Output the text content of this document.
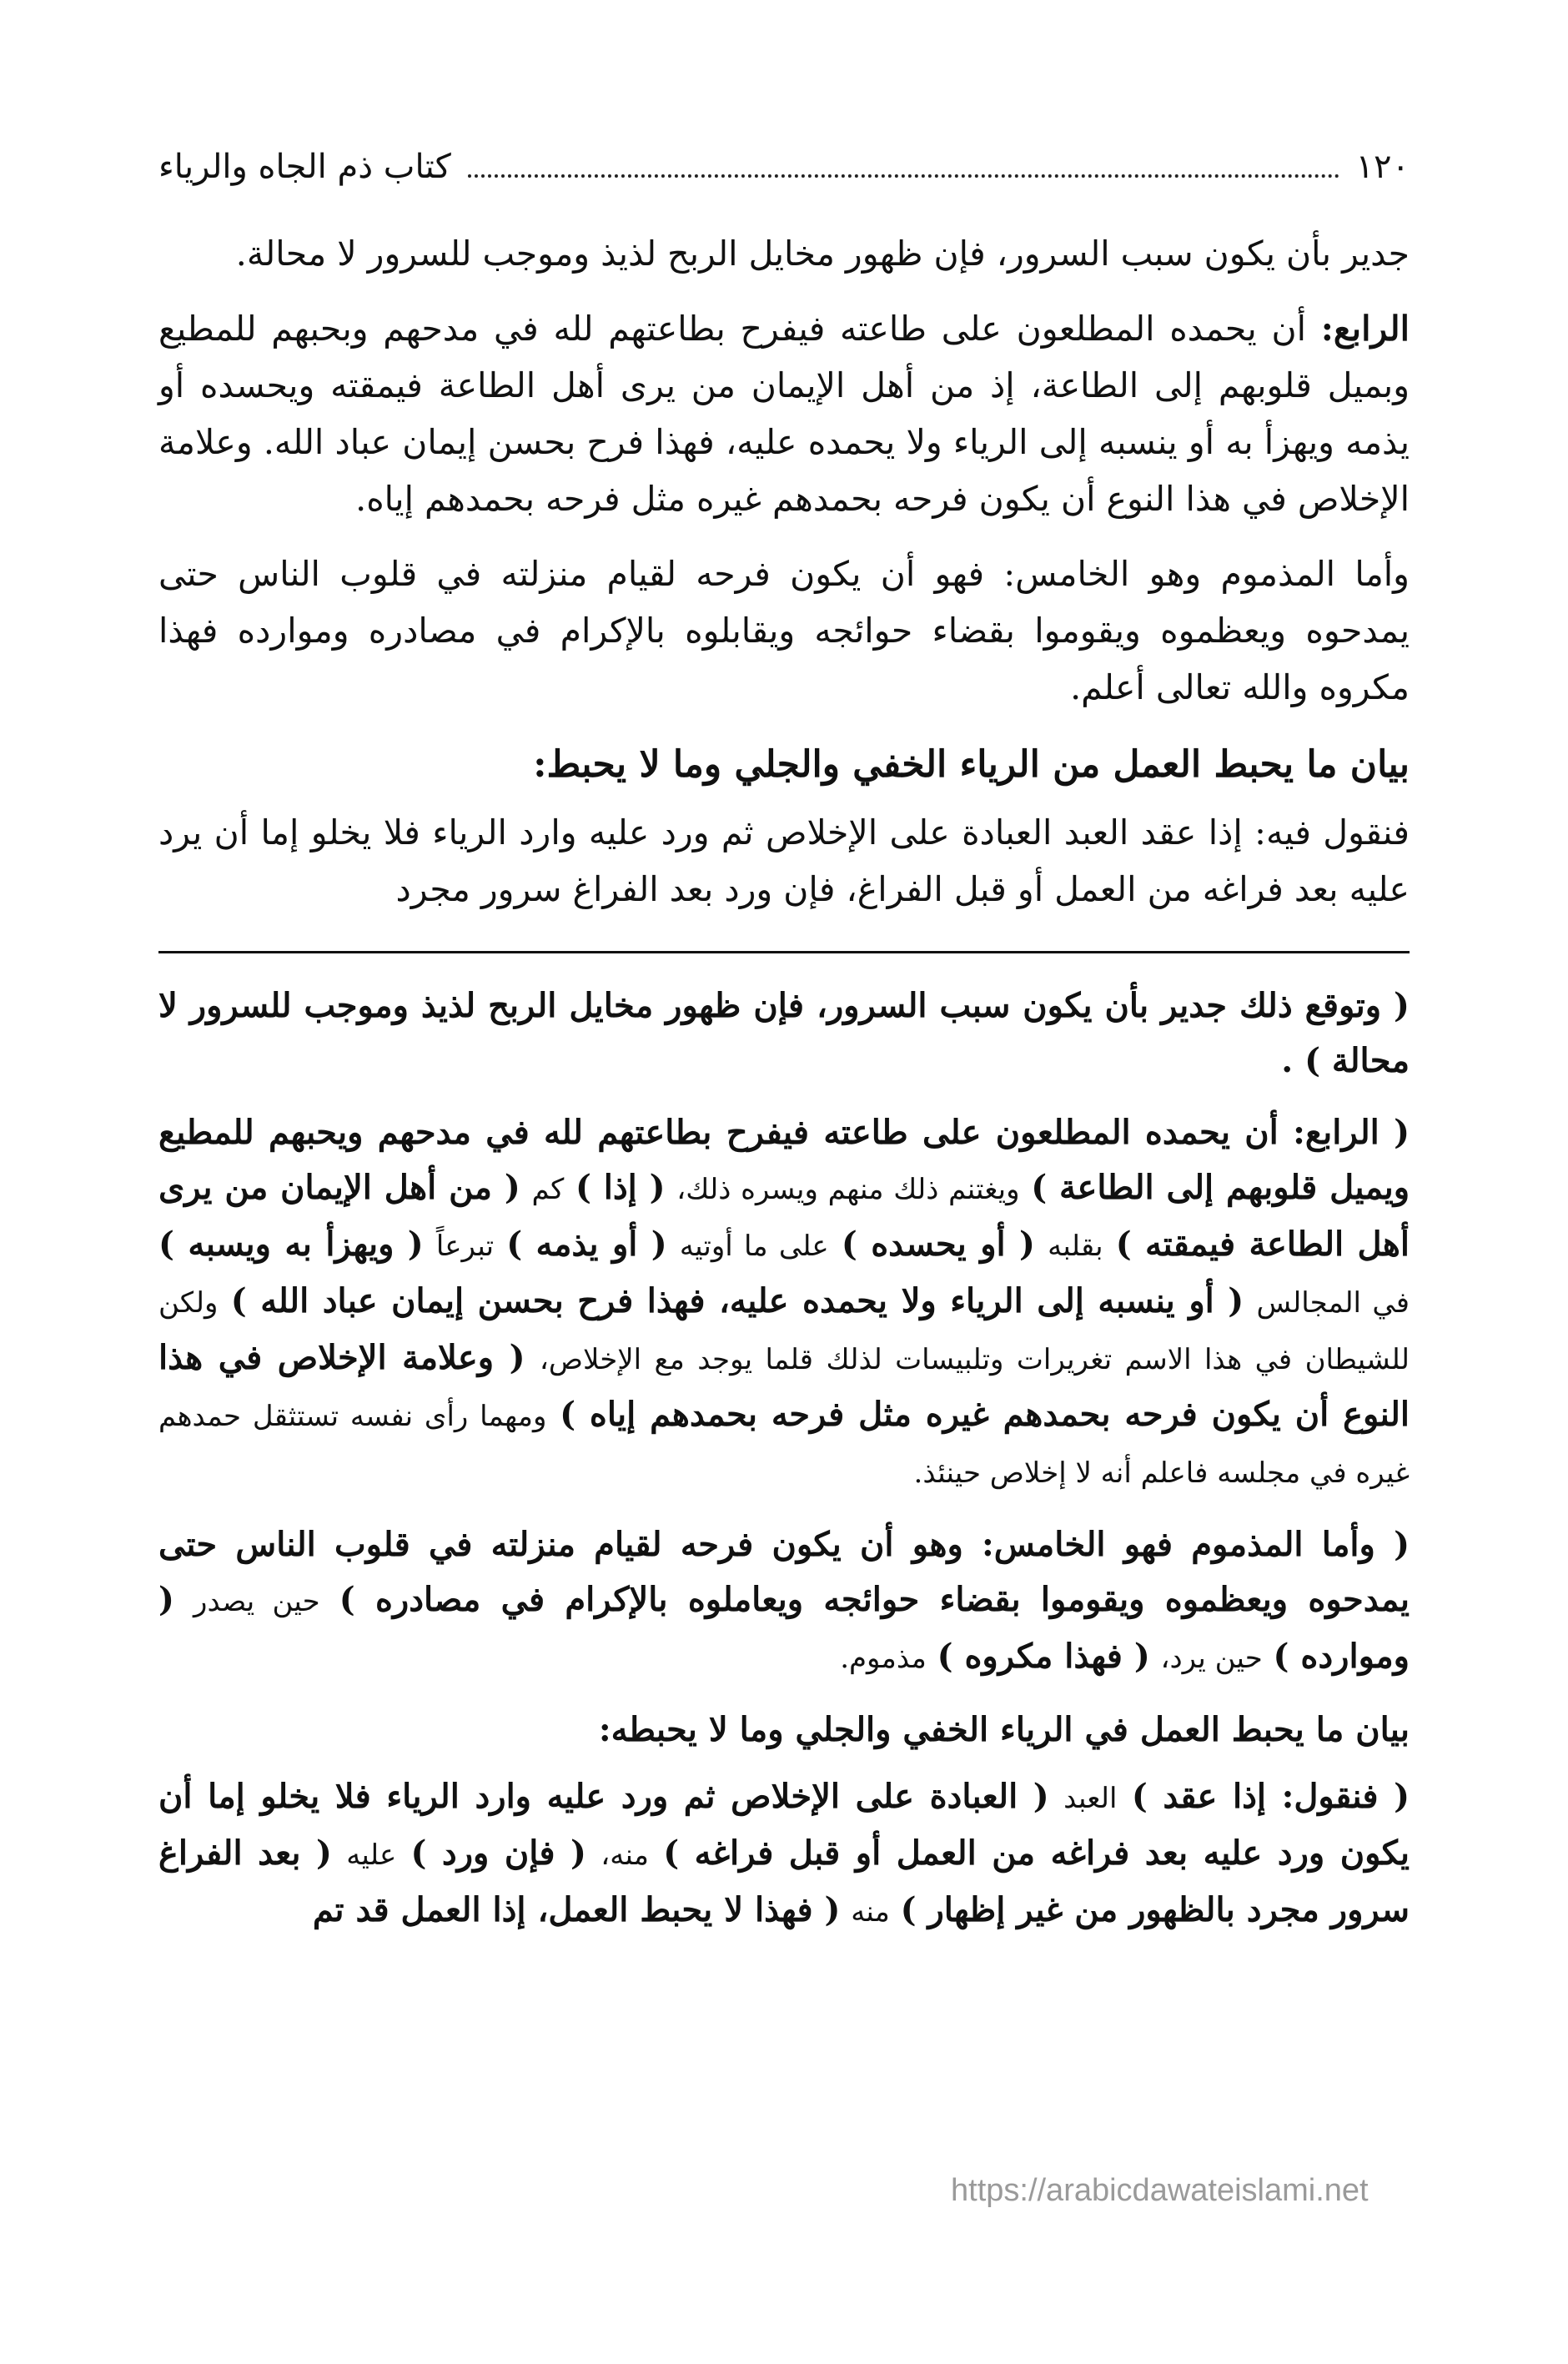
١٢٠
كتاب ذم الجاه والرياء

جدير بأن يكون سبب السرور، فإن ظهور مخايل الربح لذيذ وموجب للسرور لا محالة.

الرابع: أن يحمده المطلعون على طاعته فيفرح بطاعتهم لله في مدحهم وبحبهم للمطيع وبميل قلوبهم إلى الطاعة، إذ من أهل الإيمان من يرى أهل الطاعة فيمقته ويحسده أو يذمه ويهزأ به أو ينسبه إلى الرياء ولا يحمده عليه، فهذا فرح بحسن إيمان عباد الله. وعلامة الإخلاص في هذا النوع أن يكون فرحه بحمدهم غيره مثل فرحه بحمدهم إياه.

وأما المذموم وهو الخامس: فهو أن يكون فرحه لقيام منزلته في قلوب الناس حتى يمدحوه ويعظموه ويقوموا بقضاء حوائجه ويقابلوه بالإكرام في مصادره وموارده فهذا مكروه والله تعالى أعلم.

بيان ما يحبط العمل من الرياء الخفي والجلي وما لا يحبط:

فنقول فيه: إذا عقد العبد العبادة على الإخلاص ثم ورد عليه وارد الرياء فلا يخلو إما أن يرد عليه بعد فراغه من العمل أو قبل الفراغ، فإن ورد بعد الفراغ سرور مجرد

( وتوقع ذلك جدير بأن يكون سبب السرور، فإن ظهور مخايل الربح لذيذ وموجب للسرور لا محالة ) .

( الرابع: أن يحمده المطلعون على طاعته فيفرح بطاعتهم لله في مدحهم ويحبهم للمطيع ويميل قلوبهم إلى الطاعة ) ويغتنم ذلك منهم ويسره ذلك، ( إذا ) كم ( من أهل الإيمان من يرى أهل الطاعة فيمقته ) بقلبه ( أو يحسده ) على ما أوتيه ( أو يذمه ) تبرعاً ( ويهزأ به ويسبه ) في المجالس ( أو ينسبه إلى الرياء ولا يحمده عليه، فهذا فرح بحسن إيمان عباد الله ) ولكن للشيطان في هذا الاسم تغريرات وتلبيسات لذلك قلما يوجد مع الإخلاص، ( وعلامة الإخلاص في هذا النوع أن يكون فرحه بحمدهم غيره مثل فرحه بحمدهم إياه ) ومهما رأى نفسه تستثقل حمدهم غيره في مجلسه فاعلم أنه لا إخلاص حينئذ.

( وأما المذموم فهو الخامس: وهو أن يكون فرحه لقيام منزلته في قلوب الناس حتى يمدحوه ويعظموه ويقوموا بقضاء حوائجه ويعاملوه بالإكرام في مصادره ) حين يصدر ( وموارده ) حين يرد، ( فهذا مكروه ) مذموم.

بيان ما يحبط العمل في الرياء الخفي والجلي وما لا يحبطه:

( فنقول: إذا عقد ) العبد ( العبادة على الإخلاص ثم ورد عليه وارد الرياء فلا يخلو إما أن يكون ورد عليه بعد فراغه من العمل أو قبل فراغه ) منه، ( فإن ورد ) عليه ( بعد الفراغ سرور مجرد بالظهور من غير إظهار ) منه ( فهذا لا يحبط العمل، إذا العمل قد تم

https://arabicdawateislami.net
